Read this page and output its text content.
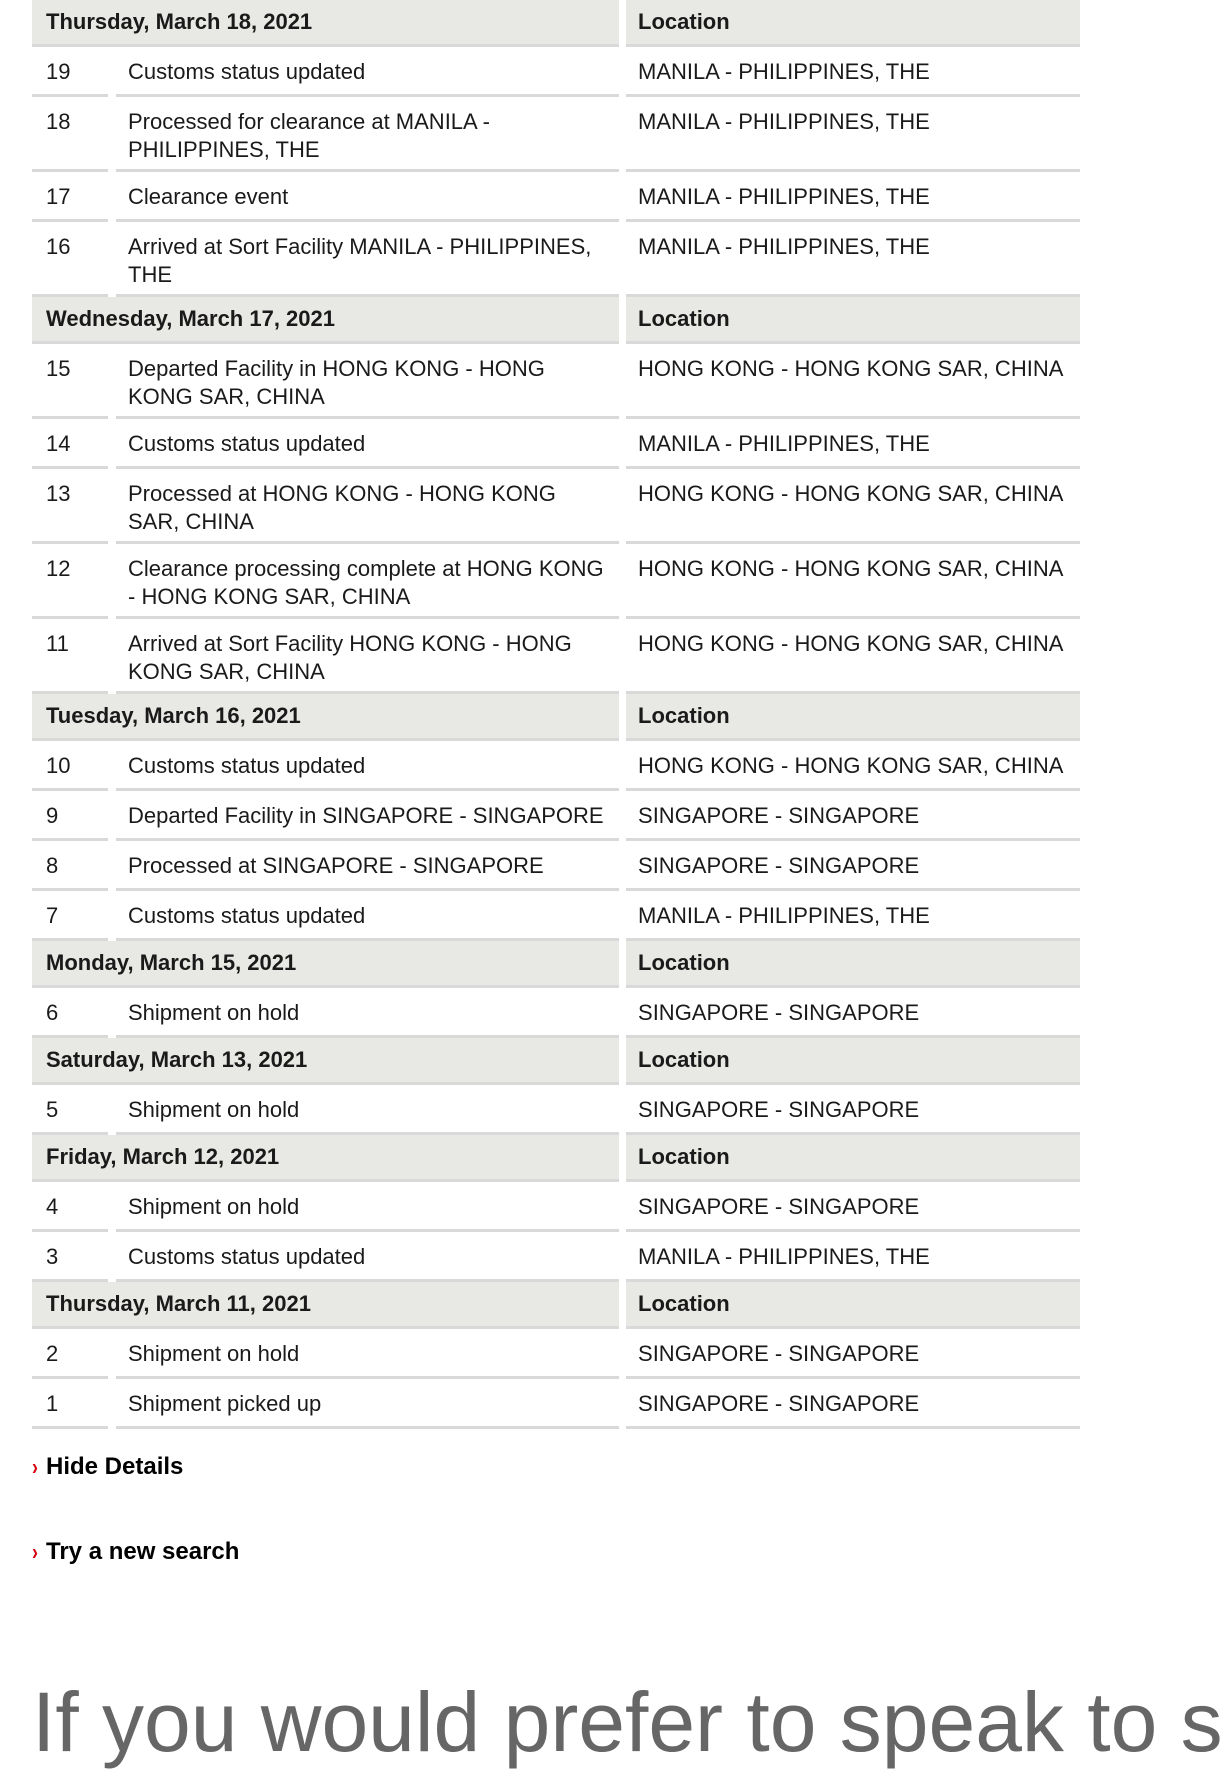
Thursday, March 18, 2021		Location

19	Customs status updated	MANILA - PHILIPPINES, THE

18	Processed for clearance at MANILA - PHILIPPINES, THE	MANILA - PHILIPPINES, THE

17	Clearance event	MANILA - PHILIPPINES, THE

16	Arrived at Sort Facility MANILA - PHILIPPINES, THE	MANILA - PHILIPPINES, THE

Wednesday, March 17, 2021		Location

15	Departed Facility in HONG KONG - HONG KONG SAR, CHINA	HONG KONG - HONG KONG SAR, CHINA

14	Customs status updated	MANILA - PHILIPPINES, THE

13	Processed at HONG KONG - HONG KONG SAR, CHINA	HONG KONG - HONG KONG SAR, CHINA

12	Clearance processing complete at HONG KONG - HONG KONG SAR, CHINA	HONG KONG - HONG KONG SAR, CHINA

11	Arrived at Sort Facility HONG KONG - HONG KONG SAR, CHINA	HONG KONG - HONG KONG SAR, CHINA

Tuesday, March 16, 2021		Location

10	Customs status updated	HONG KONG - HONG KONG SAR, CHINA

9	Departed Facility in SINGAPORE - SINGAPORE	SINGAPORE - SINGAPORE

8	Processed at SINGAPORE - SINGAPORE	SINGAPORE - SINGAPORE

7	Customs status updated	MANILA - PHILIPPINES, THE

Monday, March 15, 2021		Location

6	Shipment on hold	SINGAPORE - SINGAPORE

Saturday, March 13, 2021		Location

5	Shipment on hold	SINGAPORE - SINGAPORE

Friday, March 12, 2021		Location

4	Shipment on hold	SINGAPORE - SINGAPORE

3	Customs status updated	MANILA - PHILIPPINES, THE

Thursday, March 11, 2021		Location

2	Shipment on hold	SINGAPORE - SINGAPORE

1	Shipment picked up	SINGAPORE - SINGAPORE
› Hide Details
› Try a new search
If you would prefer to speak to s
